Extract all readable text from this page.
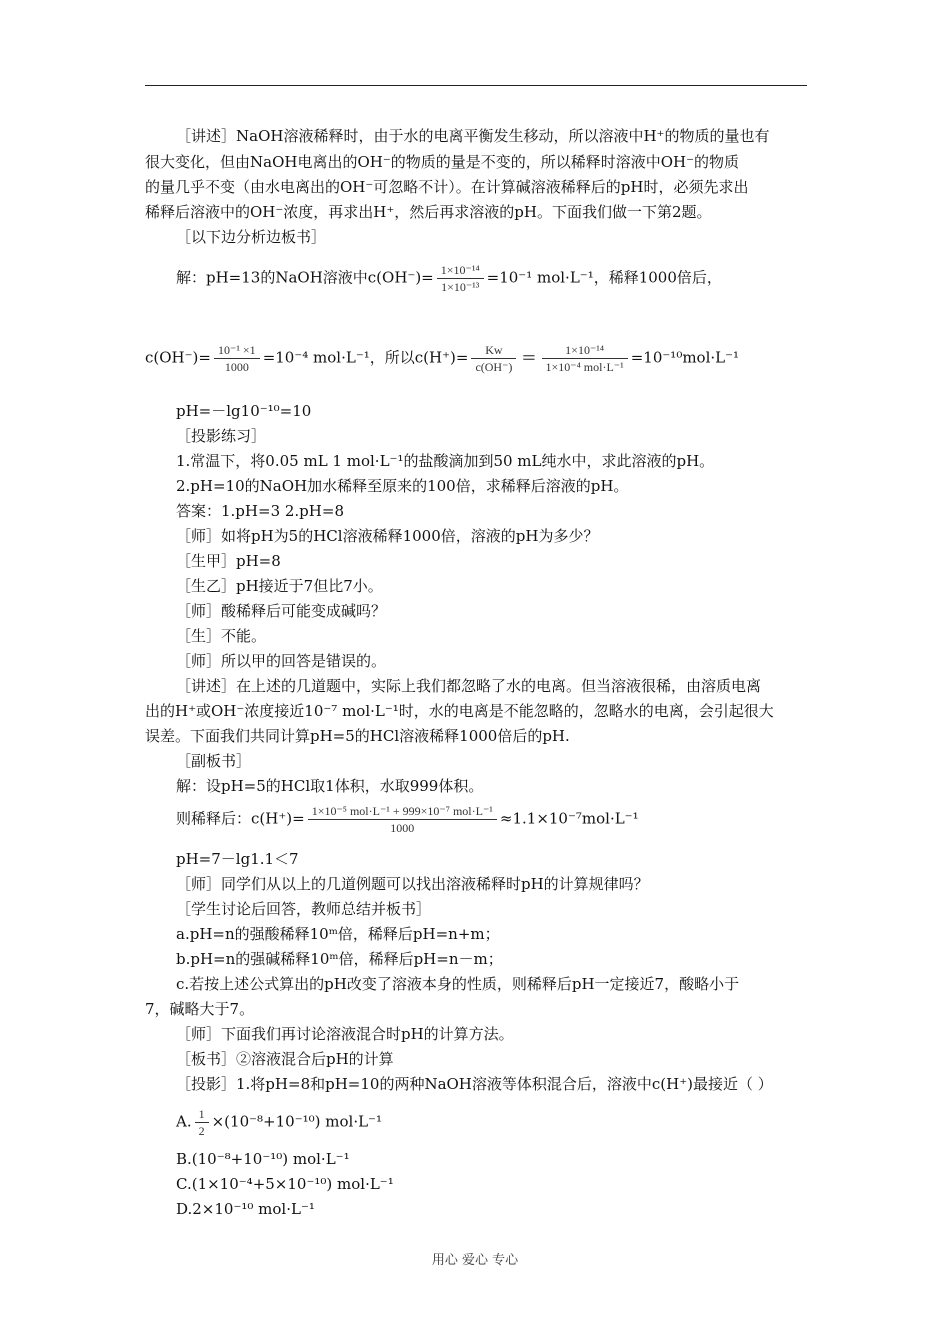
［讲述］NaOH溶液稀释时，由于水的电离平衡发生移动，所以溶液中H⁺的物质的量也有
很大变化，但由NaOH电离出的OH⁻的物质的量是不变的，所以稀释时溶液中OH⁻的物质
的量几乎不变（由水电离出的OH⁻可忽略不计）。在计算碱溶液稀释后的pH时，必须先求出
稀释后溶液中的OH⁻浓度，再求出H⁺，然后再求溶液的pH。下面我们做一下第2题。
［以下边分析边板书］
解：pH=13的NaOH溶液中$c(OH^-)= \frac{\text{1×10⁻¹⁴}}{\text{1×10⁻¹³}} =10^{-1}$ mol·L⁻¹，稀释1000倍后，
$c(OH^-)= \frac{\text{10⁻¹ ×1}}{1000} =10^{-4}$ mol·L⁻¹，所以$c(H^+)= \frac{Kw}{c(OH^-)} = \frac{\text{1×10⁻¹⁴}}{\text{1×10⁻⁴ mol·L⁻¹}} =10^{-10}mol\cdot L^{-1}$
pH=－lg10⁻¹⁰=10
［投影练习］
1.常温下，将0.05 mL 1 mol·L⁻¹的盐酸滴加到50 mL纯水中，求此溶液的pH。
2.pH=10的NaOH加水稀释至原来的100倍，求稀释后溶液的pH。
答案：1.pH=3 2.pH=8
［师］如将pH为5的HCl溶液稀释1000倍，溶液的pH为多少？
［生甲］pH=8
［生乙］pH接近于7但比7小。
［师］酸稀释后可能变成碱吗？
［生］不能。
［师］所以甲的回答是错误的。
［讲述］在上述的几道题中，实际上我们都忽略了水的电离。但当溶液很稀，由溶质电离
出的H⁺或OH⁻浓度接近10⁻⁷ mol·L⁻¹时，水的电离是不能忽略的，忽略水的电离，会引起很大
误差。下面我们共同计算pH=5的HCl溶液稀释1000倍后的pH.
［副板书］
解：设pH=5的HCl取1体积，水取999体积。
则稀释后：$c(H^+)= \frac{\text{1×10⁻⁵ mol·L⁻¹ + 999×10⁻⁷ mol·L⁻¹}}{1000} \approx 1.1\times 10^{-7}mol\cdot L^{-1}$
pH=7－lg1.1＜7
［师］同学们从以上的几道例题可以找出溶液稀释时pH的计算规律吗？
［学生讨论后回答，教师总结并板书］
a.pH=n的强酸稀释10ᵐ倍，稀释后pH=n+m；
b.pH=n的强碱稀释10ᵐ倍，稀释后pH=n－m；
c.若按上述公式算出的pH改变了溶液本身的性质，则稀释后pH一定接近7，酸略小于
7，碱略大于7。
［师］下面我们再讨论溶液混合时pH的计算方法。
［板书］②溶液混合后pH的计算
［投影］1.将pH=8和pH=10的两种NaOH溶液等体积混合后，溶液中c(H⁺)最接近（ ）
A. $\frac{1}{2} \times(10^{-8}+10^{-10})$ mol·L⁻¹
B.(10⁻⁸+10⁻¹⁰) mol·L⁻¹
C.(1×10⁻⁴+5×10⁻¹⁰) mol·L⁻¹
D.2×10⁻¹⁰ mol·L⁻¹
用心 爱心 专心
